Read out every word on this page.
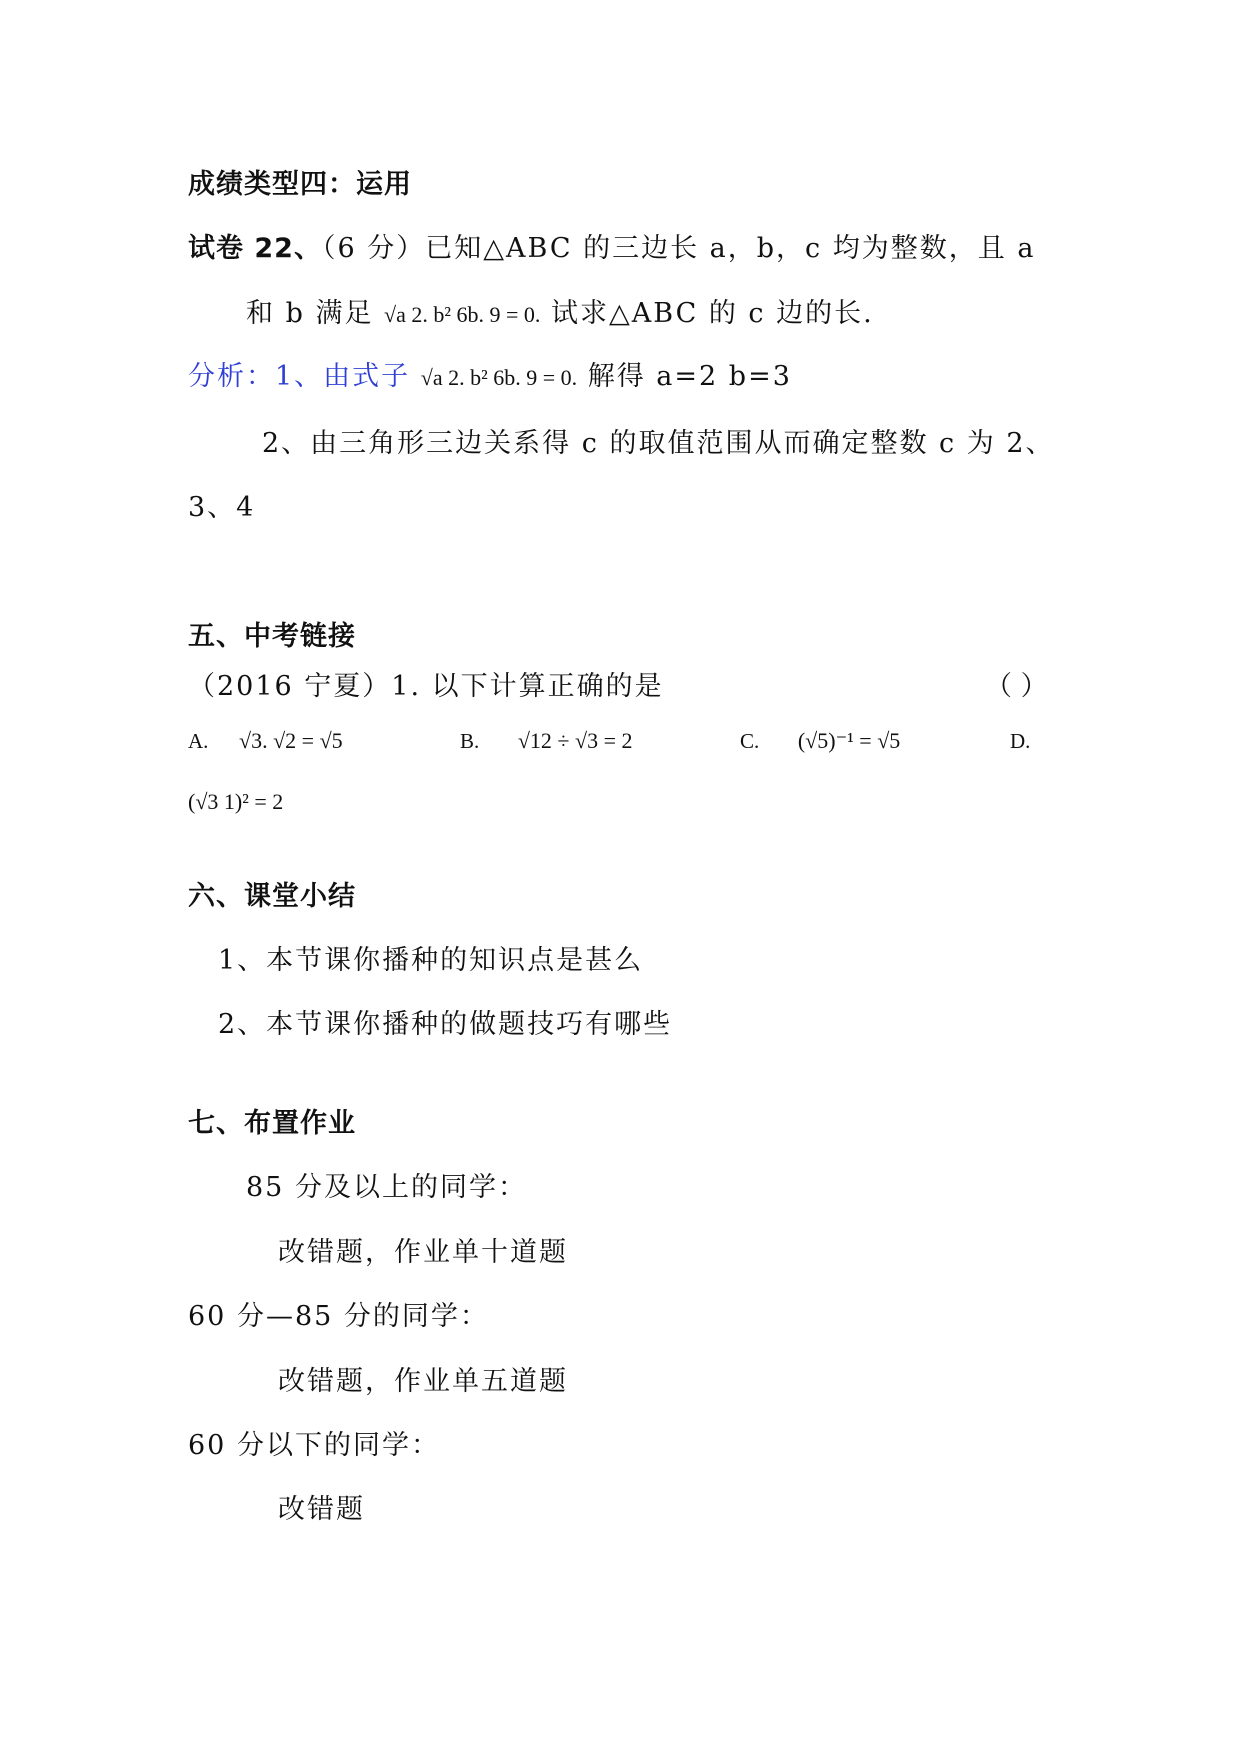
成绩类型四：运用
试卷 22、（6 分）已知△ABC 的三边长 a，b，c 均为整数，且 a
和 b 满足 √a 2. b² 6b. 9 = 0. 试求△ABC 的 c 边的长.
分析：1、由式子 √a 2. b² 6b. 9 = 0. 解得 a=2 b=3
2、由三角形三边关系得 c 的取值范围从而确定整数 c 为 2、
3、4
五、中考链接
（2016 宁夏）1. 以下计算正确的是	（ ）
A. √3. √2 = √5	B. √12 ÷ √3 = 2	C. (√5)⁻¹ = √5	D.
(√3 1)² = 2
六、课堂小结
1、本节课你播种的知识点是甚么
2、本节课你播种的做题技巧有哪些
七、布置作业
85 分及以上的同学：
改错题，作业单十道题
60 分—85 分的同学：
改错题，作业单五道题
60 分以下的同学：
改错题
